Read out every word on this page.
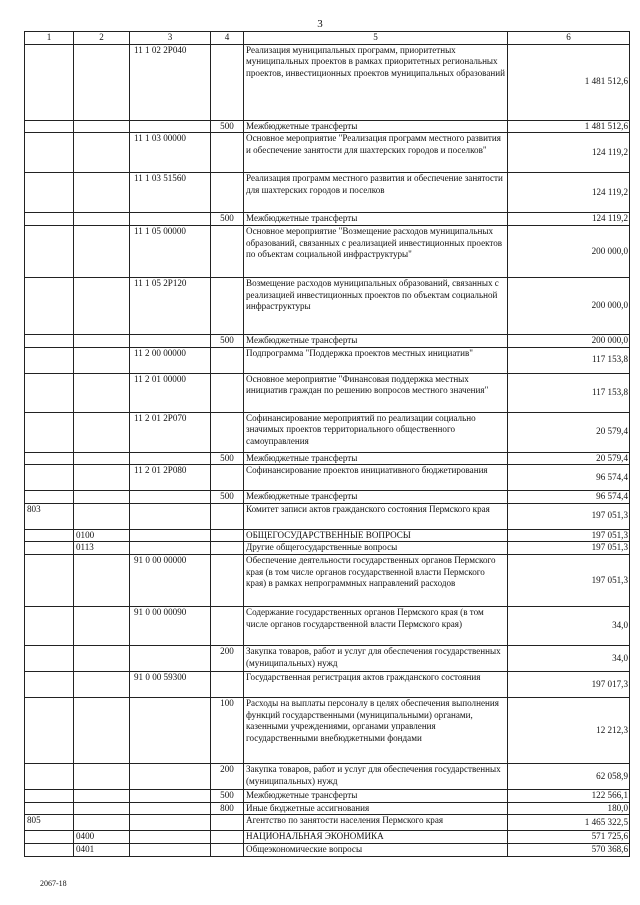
3
1	2	3	4	5	6
		11 1 02 2P040		Реализация муниципальных программ, приоритетных муниципальных проектов в рамках приоритетных региональных проектов, инвестиционных проектов муниципальных образований	1 481 512,6
			500	Межбюджетные трансферты	1 481 512,6
		11 1 03 00000		Основное мероприятие "Реализация программ местного развития и обеспечение занятости для шахтерских городов и поселков"	124 119,2
		11 1 03 51560		Реализация программ местного развития и обеспечение занятости для шахтерских городов и поселков	124 119,2
			500	Межбюджетные трансферты	124 119,2
		11 1 05 00000		Основное мероприятие "Возмещение расходов муниципальных образований, связанных с реализацией инвестиционных проектов по объектам социальной инфраструктуры"	200 000,0
		11 1 05 2P120		Возмещение расходов муниципальных образований, связанных с реализацией инвестиционных проектов по объектам социальной инфраструктуры	200 000,0
			500	Межбюджетные трансферты	200 000,0
		11 2 00 00000		Подпрограмма "Поддержка проектов местных инициатив"	117 153,8
		11 2 01 00000		Основное мероприятие "Финансовая поддержка местных инициатив граждан по решению вопросов местного значения"	117 153,8
		11 2 01 2P070		Софинансирование мероприятий по реализации социально значимых проектов территориального общественного самоуправления	20 579,4
			500	Межбюджетные трансферты	20 579,4
		11 2 01 2P080		Софинансирование проектов инициативного бюджетирования	96 574,4
			500	Межбюджетные трансферты	96 574,4
803				Комитет записи актов гражданского состояния Пермского края	197 051,3
	0100			ОБЩЕГОСУДАРСТВЕННЫЕ ВОПРОСЫ	197 051,3
	0113			Другие общегосударственные вопросы	197 051,3
		91 0 00 00000		Обеспечение деятельности государственных органов Пермского края (в том числе органов государственной власти Пермского края) в рамках непрограммных направлений расходов	197 051,3
		91 0 00 00090		Содержание государственных органов Пермского края (в том числе органов государственной власти Пермского края)	34,0
			200	Закупка товаров, работ и услуг для обеспечения государственных (муниципальных) нужд	34,0
		91 0 00 59300		Государственная регистрация актов гражданского состояния	197 017,3
			100	Расходы на выплаты персоналу в целях обеспечения выполнения функций государственными (муниципальными) органами, казенными учреждениями, органами управления государственными внебюджетными фондами	12 212,3
			200	Закупка товаров, работ и услуг для обеспечения государственных (муниципальных) нужд	62 058,9
			500	Межбюджетные трансферты	122 566,1
			800	Иные бюджетные ассигнования	180,0
805				Агентство по занятости населения Пермского края	1 465 322,5
	0400			НАЦИОНАЛЬНАЯ ЭКОНОМИКА	571 725,6
	0401			Общеэкономические вопросы	570 368,6
2067-18
